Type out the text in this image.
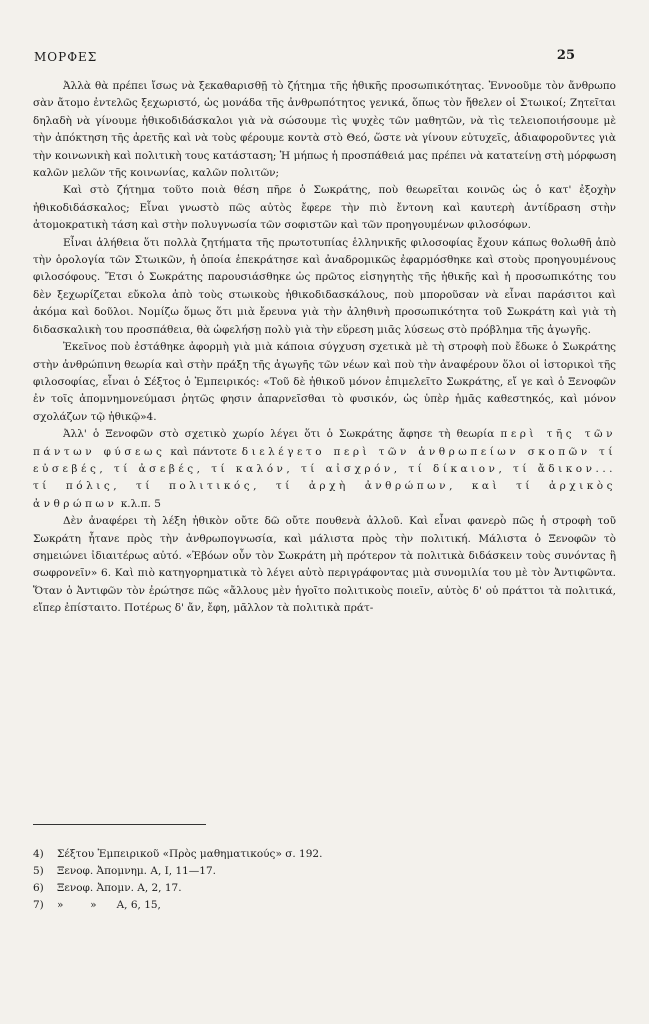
ΜΟΡΦΕΣ	25

Ἀλλὰ θὰ πρέπει ἴσως νὰ ξεκαθαρισθῇ τὸ ζήτημα τῆς ἠθικῆς προσωπικότητας. Ἐννοοῦμε τὸν ἄνθρωπο σὰν ἄτομο ἐντελῶς ξεχωριστό, ὡς μονάδα τῆς ἀνθρωπότητος γενικά, ὅπως τὸν ἤθελεν οἱ Στωικοί; Ζητεῖται δηλαδὴ νὰ γίνουμε ἠθικοδιδάσκαλοι γιὰ νὰ σώσουμε τὶς ψυχὲς τῶν μαθητῶν, νὰ τὶς τελειοποιήσουμε μὲ τὴν ἀπόκτηση τῆς ἀρετῆς καὶ νὰ τοὺς φέρουμε κοντὰ στὸ Θεό, ὥστε νὰ γίνουν εὐτυχεῖς, ἀδιαφοροῦντες γιὰ τὴν κοινωνικὴ καὶ πολιτικὴ τους κατάσταση; Ἡ μήπως ἡ προσπάθειά μας πρέπει νὰ κατατείνῃ στὴ μόρφωση καλῶν μελῶν τῆς κοινωνίας, καλῶν πολιτῶν;

Καὶ στὸ ζήτημα τοῦτο ποιὰ θέση πῆρε ὁ Σωκράτης, ποὺ θεωρεῖται κοινῶς ὡς ὁ κατ' ἐξοχὴν ἠθικοδιδάσκαλος; Εἶναι γνωστὸ πῶς αὐτὸς ἔφερε τὴν πιὸ ἔντονη καὶ καυτερὴ ἀντίδραση στὴν ἀτομοκρατικὴ τάση καὶ στὴν πολυγνωσία τῶν σοφιστῶν καὶ τῶν προηγουμένων φιλοσόφων.

Εἶναι ἀλήθεια ὅτι πολλὰ ζητήματα τῆς πρωτοτυπίας ἑλληνικῆς φιλοσοφίας ἔχουν κάπως θολωθῆ ἀπὸ τὴν ὁρολογία τῶν Στωικῶν, ἡ ὁποία ἐπεκράτησε καὶ ἀναδρομικῶς ἐφαρμόσθηκε καὶ στοὺς προηγουμένους φιλοσόφους. Ἔτσι ὁ Σωκράτης παρουσιάσθηκε ὡς πρῶτος εἰσηγητὴς τῆς ἠθικῆς καὶ ἡ προσωπικότης του δὲν ξεχωρίζεται εὔκολα ἀπὸ τοὺς στωικοὺς ἠθικοδιδασκάλους, ποὺ μποροῦσαν νὰ εἶναι παράσιτοι καὶ ἀκόμα καὶ δοῦλοι. Νομίζω ὅμως ὅτι μιὰ ἔρευνα γιὰ τὴν ἀληθινὴ προσωπικότητα τοῦ Σωκράτη καὶ γιὰ τὴ διδασκαλικὴ του προσπάθεια, θὰ ὠφελήσῃ πολὺ γιὰ τὴν εὕρεση μιᾶς λύσεως στὸ πρόβλημα τῆς ἀγωγῆς.

Ἐκεῖνος ποὺ ἐστάθηκε ἀφορμὴ γιὰ μιὰ κάποια σύγχυση σχετικὰ μὲ τὴ στροφὴ ποὺ ἔδωκε ὁ Σωκράτης στὴν ἀνθρώπινη θεωρία καὶ στὴν πράξη τῆς ἀγωγῆς τῶν νέων καὶ ποὺ τὴν ἀναφέρουν ὅλοι οἱ ἱστορικοὶ τῆς φιλοσοφίας, εἶναι ὁ Σέξτος ὁ Ἐμπειρικός: «Τοῦ δὲ ἠθικοῦ μόνον ἐπιμελεῖτο Σωκράτης, εἴ γε καὶ ὁ Ξενοφῶν ἐν τοῖς ἀπομνημονεύμασι ῥητῶς φησιν ἀπαρνεῖσθαι τὸ φυσικόν, ὡς ὑπὲρ ἡμᾶς καθεστηκός, καὶ μόνον σχολάζων τῷ ἠθικῷ»4.

Ἀλλ' ὁ Ξενοφῶν στὸ σχετικὸ χωρίο λέγει ὅτι ὁ Σωκράτης ἄφησε τὴ θεωρία περὶ τῆς τῶν πάντων φύσεως καὶ πάντοτε διελέγετο περὶ τῶν ἀνθρωπείων σκοπῶν τί εὐσεβές, τί ἀσεβές, τί καλόν, τί αἰσχρόν, τί δίκαιον, τί ἄδικον... τί πόλις, τί πολιτικός, τί ἀρχὴ ἀνθρώπων, καὶ τί ἀρχικὸς ἀνθρώπων κ.λ.π. 5

Δὲν ἀναφέρει τὴ λέξη ἠθικὸν οὔτε δῶ οὔτε πουθενὰ ἀλλοῦ. Καὶ εἶναι φανερὸ πῶς ἡ στροφὴ τοῦ Σωκράτη ἦτανε πρὸς τὴν ἀνθρωπογνωσία, καὶ μάλιστα πρὸς τὴν πολιτική. Μάλιστα ὁ Ξενοφῶν τὸ σημειώνει ἰδιαιτέρως αὐτό. «Ἐβόων οὖν τὸν Σωκράτη μὴ πρότερον τὰ πολιτικὰ διδάσκειν τοὺς συνόντας ἢ σωφρονεῖν» 6. Καὶ πιὸ κατηγορηματικὰ τὸ λέγει αὐτὸ περιγράφοντας μιὰ συνομιλία του μὲ τὸν Ἀντιφῶντα. Ὅταν ὁ Ἀντιφῶν τὸν ἐρώτησε πῶς «ἄλλους μὲν ἡγοῖτο πολιτικοὺς ποιεῖν, αὐτὸς δ' οὐ πράττοι τὰ πολιτικά, εἴπερ ἐπίσταιτο. Ποτέρως δ' ἄν, ἔφη, μᾶλλον τὰ πολιτικὰ πράτ-

4)	Σέξτου Ἐμπειρικοῦ «Πρὸς μαθηματικούς» σ. 192.
5)	Ξενοφ. Ἀπομνημ. Α, Ι, 11—17.
6)	Ξενοφ. Ἀπομν. Α, 2, 17.
7)	»        »      Α, 6, 15,
